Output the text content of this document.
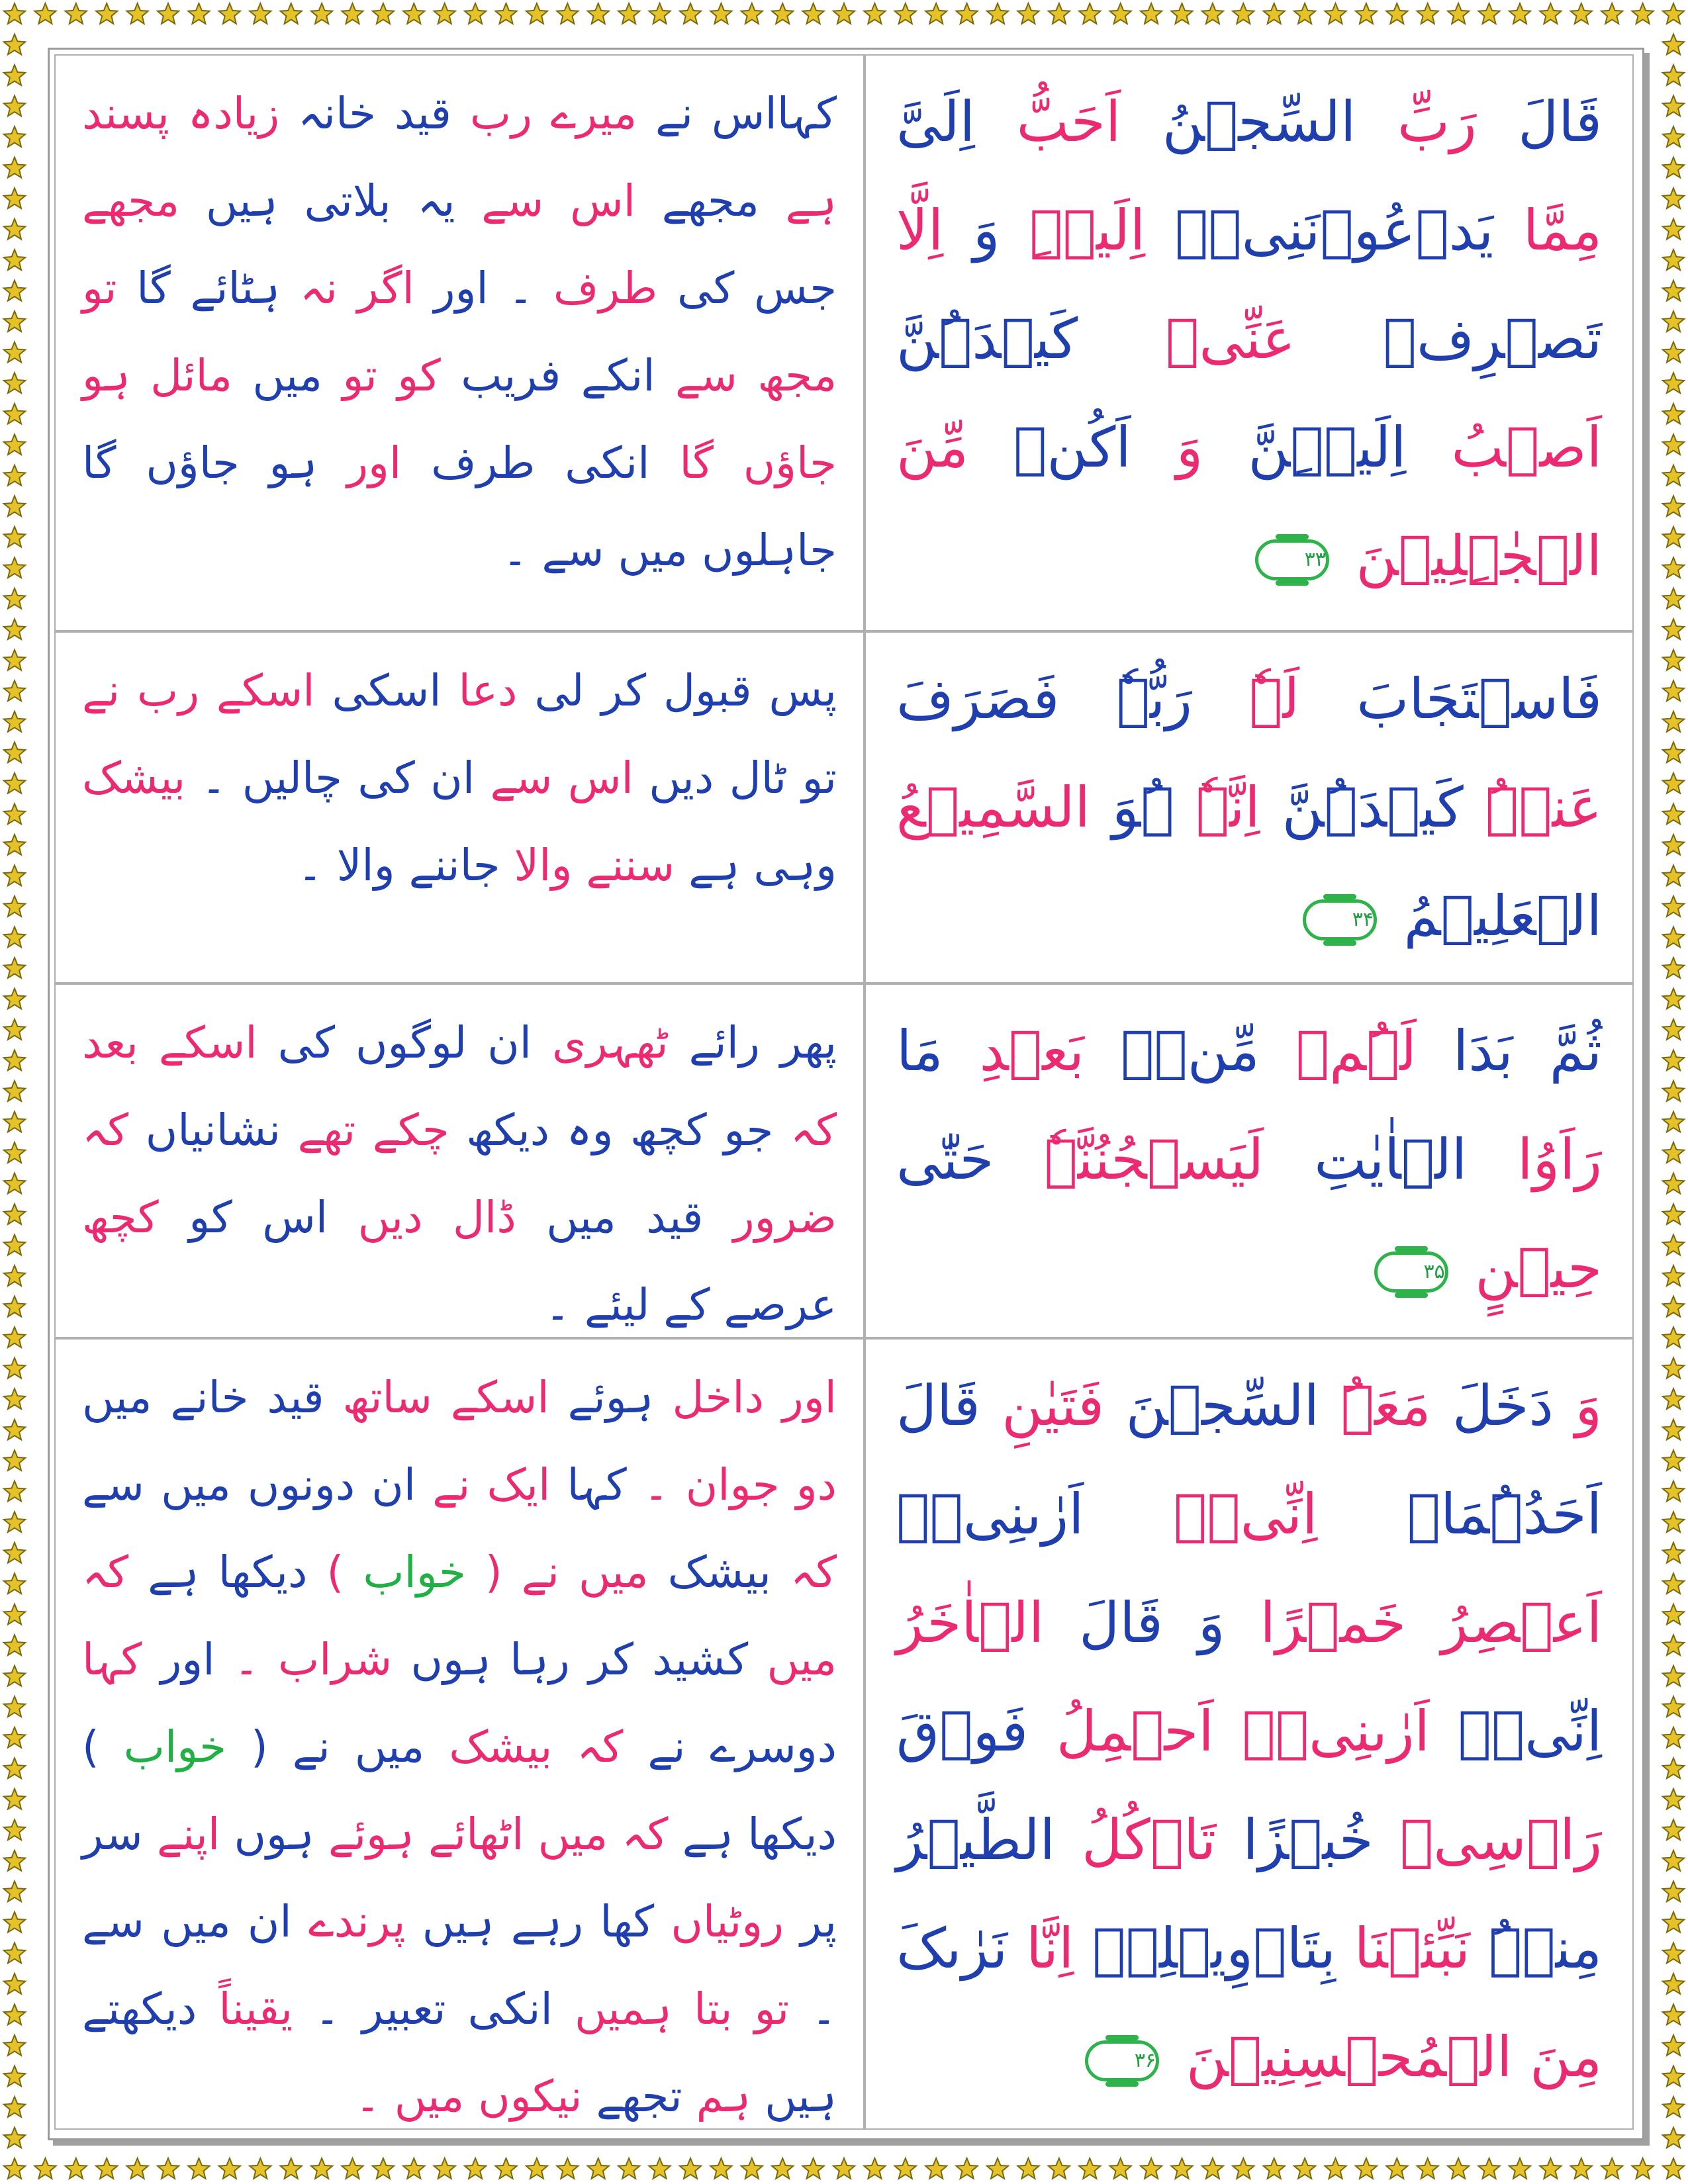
قَالَ رَبِّ السِّجۡنُ اَحَبُّ اِلَیَّ مِمَّا یَدۡعُوۡنَنِیۡۤ اِلَیۡہِ وَ اِلَّا تَصۡرِفۡ عَنِّیۡ کَیۡدَہُنَّ اَصۡبُ اِلَیۡہِنَّ وَ اَکُنۡ مِّنَ الۡجٰہِلِیۡنَ
۳۳
کہااس نے میرے رب قید خانہ زیادہ پسند ہے مجھے اس سے یہ بلاتی ہیں مجھے جس کی طرف ۔ اور اگر نہ ہٹائے گا تو مجھ سے انکے فریب کو تو میں مائل ہو جاؤں گا انکی طرف اور ہو جاؤں گا جاہلوں میں سے ۔
فَاسۡتَجَابَ لَہٗ رَبُّہٗ فَصَرَفَ عَنۡہُ کَیۡدَہُنَّ اِنَّہٗ ہُوَ السَّمِیۡعُ الۡعَلِیۡمُ
۳۴
پس قبول کر لی دعا اسکی اسکے رب نے تو ٹال دیں اس سے ان کی چالیں ۔ بیشک وہی ہے سننے والا جاننے والا ۔
ثُمَّ بَدَا لَہُمۡ مِّنۡۢ بَعۡدِ مَا رَاَوُا الۡاٰیٰتِ لَیَسۡجُنُنَّہٗ حَتّٰی حِیۡنٍ
۳۵
پھر رائے ٹھہری ان لوگوں کی اسکے بعد کہ جو کچھ وہ دیکھ چکے تھے نشانیاں کہ ضرور قید میں ڈال دیں اس کو کچھ عرصے کے لیئے ۔
وَ دَخَلَ مَعَہُ السِّجۡنَ فَتَیٰنِ قَالَ اَحَدُہُمَاۤ اِنِّیۡۤ اَرٰىنِیۡۤ اَعۡصِرُ خَمۡرًا وَ قَالَ الۡاٰخَرُ اِنِّیۡۤ اَرٰىنِیۡۤ اَحۡمِلُ فَوۡقَ رَاۡسِیۡ خُبۡزًا تَاۡکُلُ الطَّیۡرُ مِنۡہُ نَبِّئۡنَا بِتَاۡوِیۡلِہٖ اِنَّا نَرٰىکَ مِنَ الۡمُحۡسِنِیۡنَ
۳۶
اور داخل ہوئے اسکے ساتھ قید خانے میں دو جوان ۔ کہا ایک نے ان دونوں میں سے کہ بیشک میں نے ( خواب ) دیکھا ہے کہ میں کشید کر رہا ہوں شراب ۔ اور کہا دوسرے نے کہ بیشک میں نے ( خواب ) دیکھا ہے کہ میں اٹھائے ہوئے ہوں اپنے سر پر روٹیاں کھا رہے ہیں پرندے ان میں سے ۔ تو بتا ہمیں انکی تعبیر ۔ یقیناً دیکھتے ہیں ہم تجھے نیکوں میں ۔
